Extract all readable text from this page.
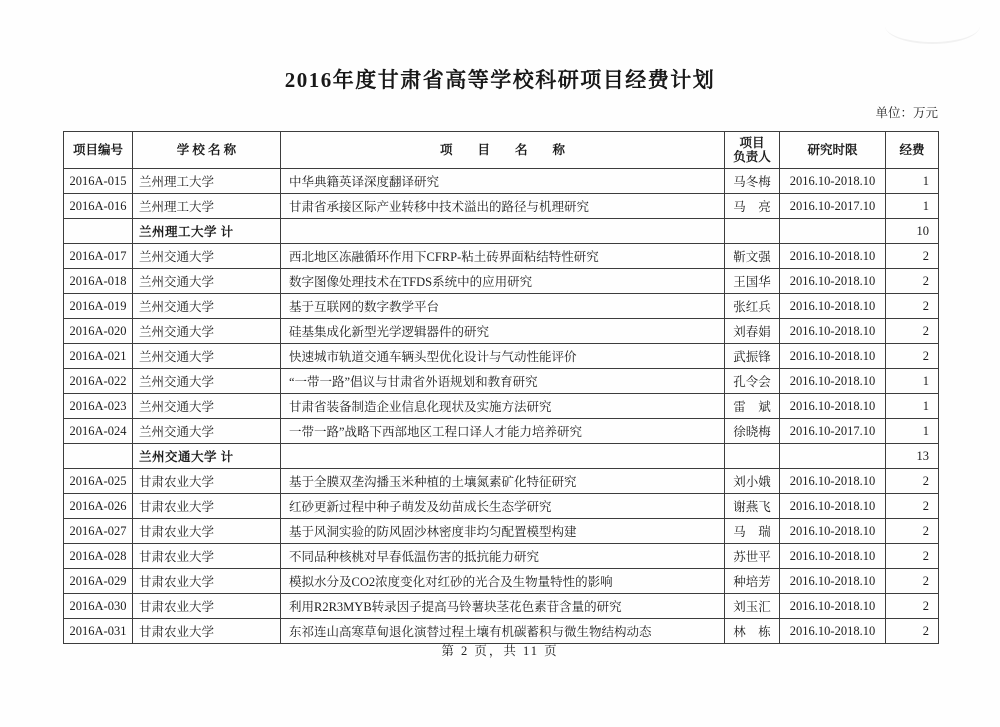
2016年度甘肃省高等学校科研项目经费计划
单位：万元
项目编号	学 校 名 称	项　　目　　名　　称	项目
负责人	研究时限	经费
2016A-015	兰州理工大学	中华典籍英译深度翻译研究	马冬梅	2016.10-2018.10	1
2016A-016	兰州理工大学	甘肃省承接区际产业转移中技术溢出的路径与机理研究	马　亮	2016.10-2017.10	1
	兰州理工大学 计				10
2016A-017	兰州交通大学	西北地区冻融循环作用下CFRP-粘土砖界面粘结特性研究	靳文强	2016.10-2018.10	2
2016A-018	兰州交通大学	数字图像处理技术在TFDS系统中的应用研究	王国华	2016.10-2018.10	2
2016A-019	兰州交通大学	基于互联网的数字教学平台	张红兵	2016.10-2018.10	2
2016A-020	兰州交通大学	硅基集成化新型光学逻辑器件的研究	刘春娟	2016.10-2018.10	2
2016A-021	兰州交通大学	快速城市轨道交通车辆头型优化设计与气动性能评价	武振锋	2016.10-2018.10	2
2016A-022	兰州交通大学	“一带一路”倡议与甘肃省外语规划和教育研究	孔令会	2016.10-2018.10	1
2016A-023	兰州交通大学	甘肃省装备制造企业信息化现状及实施方法研究	雷　斌	2016.10-2018.10	1
2016A-024	兰州交通大学	一带一路”战略下西部地区工程口译人才能力培养研究	徐晓梅	2016.10-2017.10	1
	兰州交通大学 计				13
2016A-025	甘肃农业大学	基于全膜双垄沟播玉米种植的土壤氮素矿化特征研究	刘小娥	2016.10-2018.10	2
2016A-026	甘肃农业大学	红砂更新过程中种子萌发及幼苗成长生态学研究	谢燕飞	2016.10-2018.10	2
2016A-027	甘肃农业大学	基于风洞实验的防风固沙林密度非均匀配置模型构建	马　瑞	2016.10-2018.10	2
2016A-028	甘肃农业大学	不同品种核桃对早春低温伤害的抵抗能力研究	苏世平	2016.10-2018.10	2
2016A-029	甘肃农业大学	模拟水分及CO2浓度变化对红砂的光合及生物量特性的影响	种培芳	2016.10-2018.10	2
2016A-030	甘肃农业大学	利用R2R3MYB转录因子提高马铃薯块茎花色素苷含量的研究	刘玉汇	2016.10-2018.10	2
2016A-031	甘肃农业大学	东祁连山高寒草甸退化演替过程土壤有机碳蓄积与微生物结构动态	林　栋	2016.10-2018.10	2
第 2 页，共 11 页
